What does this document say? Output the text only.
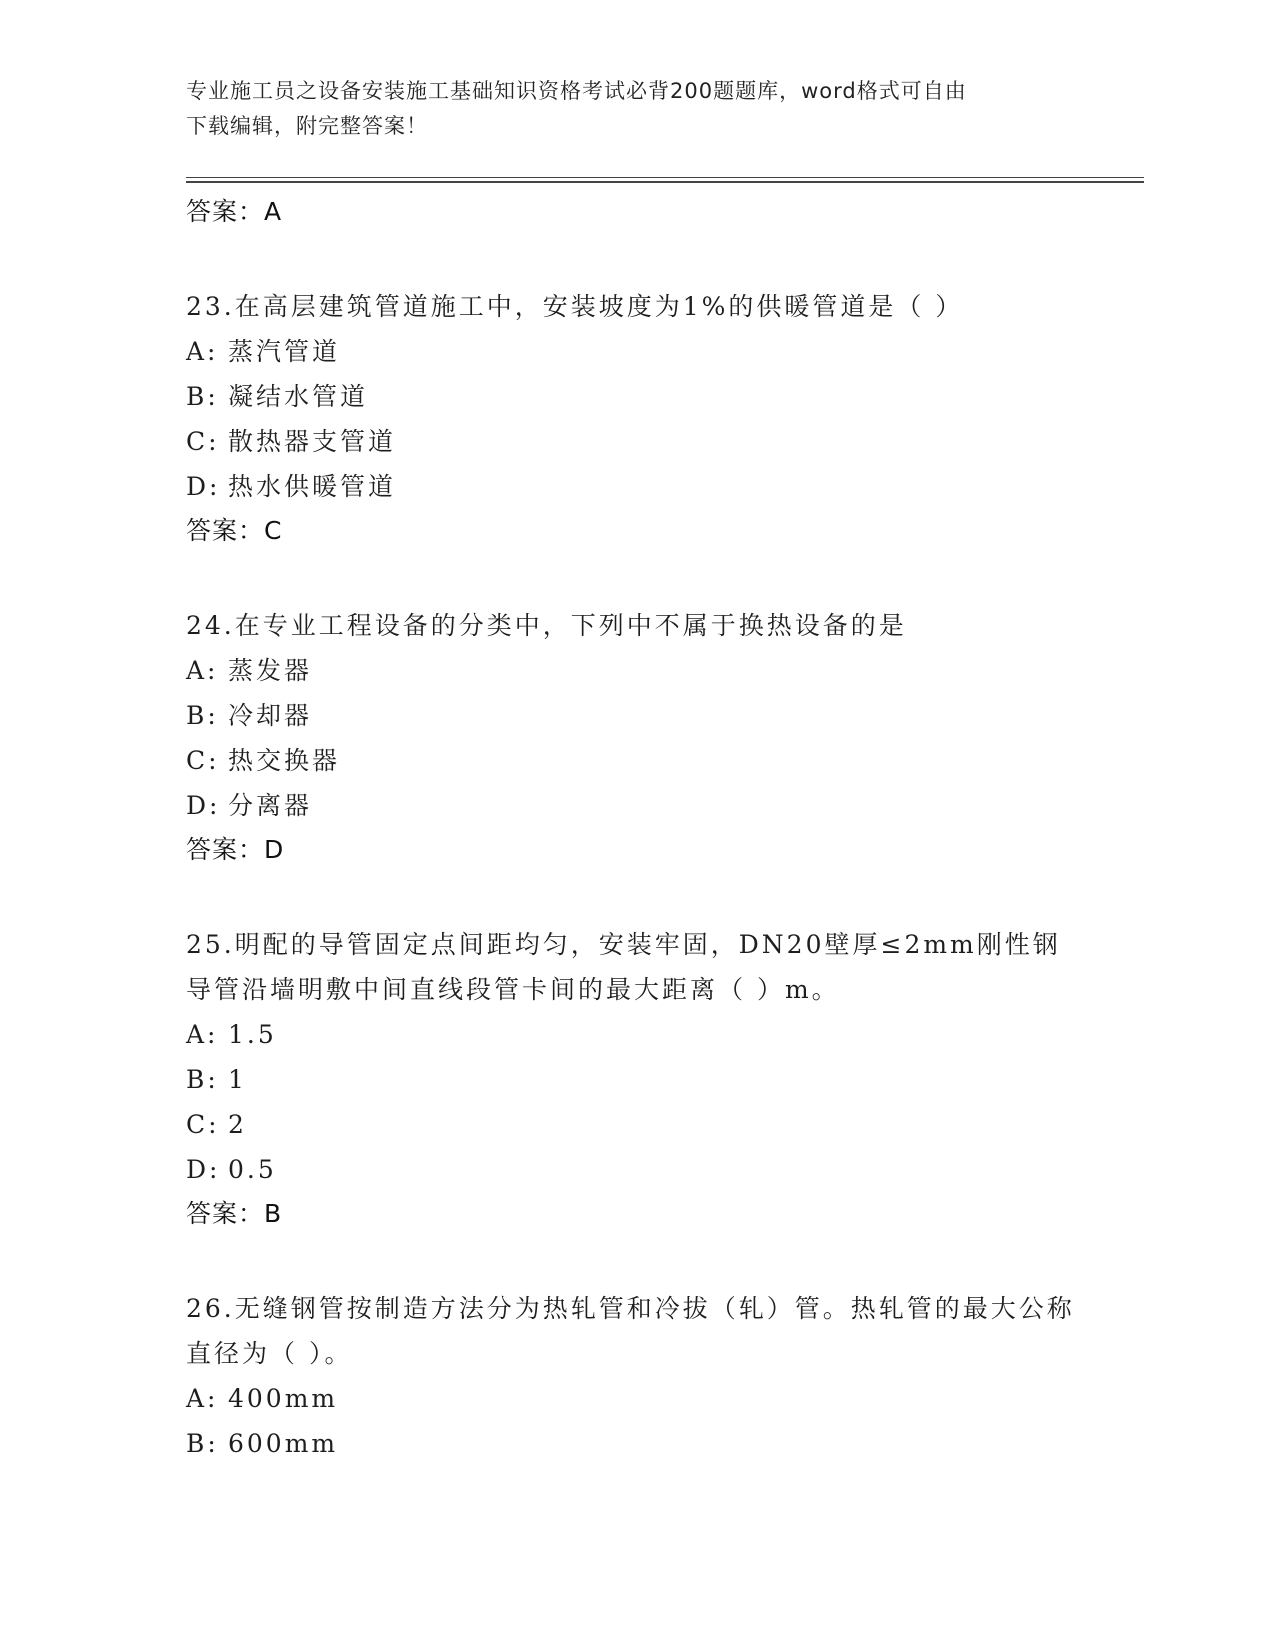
专业施工员之设备安装施工基础知识资格考试必背200题题库，word格式可自由
下载编辑，附完整答案！
答案：A
23.在高层建筑管道施工中，安装坡度为1%的供暖管道是（ ）
A: 蒸汽管道
B: 凝结水管道
C: 散热器支管道
D: 热水供暖管道
答案：C
24.在专业工程设备的分类中，下列中不属于换热设备的是
A: 蒸发器
B: 冷却器
C: 热交换器
D: 分离器
答案：D
25.明配的导管固定点间距均匀，安装牢固，DN20壁厚≤2mm刚性钢导管沿墙明敷中间直线段管卡间的最大距离（ ）m。
A: 1.5
B: 1
C: 2
D: 0.5
答案：B
26.无缝钢管按制造方法分为热轧管和冷拔（轧）管。热轧管的最大公称直径为（ ）。
A: 400mm
B: 600mm
